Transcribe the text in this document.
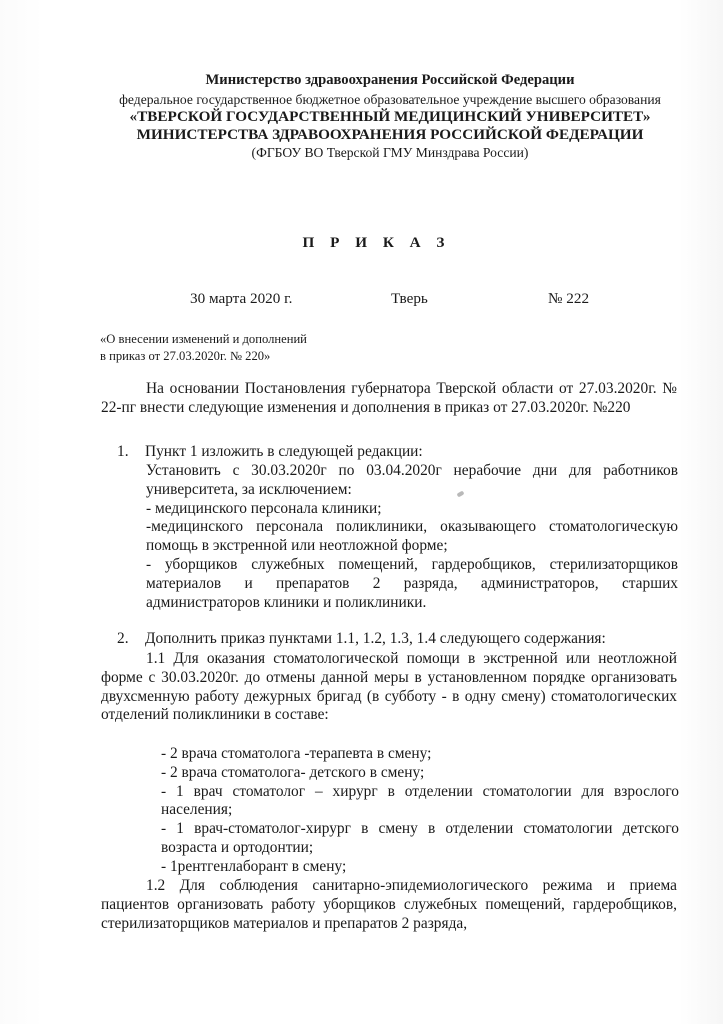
Министерство здравоохранения Российской Федерации
федеральное государственное бюджетное образовательное учреждение высшего образования
«ТВЕРСКОЙ ГОСУДАРСТВЕННЫЙ МЕДИЦИНСКИЙ УНИВЕРСИТЕТ»
МИНИСТЕРСТВА ЗДРАВООХРАНЕНИЯ РОССИЙСКОЙ ФЕДЕРАЦИИ
(ФГБОУ ВО Тверской ГМУ Минздрава России)
П Р И К А З
30 марта 2020 г.	Тверь	№ 222
«О внесении изменений и дополнений
в приказ от 27.03.2020г. № 220»
На основании Постановления губернатора Тверской области от 27.03.2020г. № 22-пг внести следующие изменения и дополнения в приказ от 27.03.2020г. №220
1. Пункт 1 изложить в следующей редакции:

Установить с 30.03.2020г по 03.04.2020г нерабочие дни для работников университета, за исключением:

- медицинского персонала клиники;

-медицинского персонала поликлиники, оказывающего стоматологическую помощь в экстренной или неотложной форме;

- уборщиков служебных помещений, гардеробщиков, стерилизаторщиков материалов и препаратов 2 разряда, администраторов, старших администраторов клиники и поликлиники.

2. Дополнить приказ пунктами 1.1, 1.2, 1.3, 1.4 следующего содержания:
1.1 Для оказания стоматологической помощи в экстренной или неотложной форме с 30.03.2020г. до отмены данной меры в установленном порядке организовать двухсменную работу дежурных бригад (в субботу - в одну смену) стоматологических отделений поликлиники в составе:

- 2 врача стоматолога -терапевта в смену;

- 2 врача стоматолога- детского в смену;

- 1 врач стоматолог – хирург в отделении стоматологии для взрослого населения;

- 1 врач-стоматолог-хирург в смену в отделении стоматологии детского возраста и ортодонтии;

- 1рентгенлаборант в смену;

1.2 Для соблюдения санитарно-эпидемиологического режима и приема пациентов организовать работу уборщиков служебных помещений, гардеробщиков, стерилизаторщиков материалов и препаратов 2 разряда,
